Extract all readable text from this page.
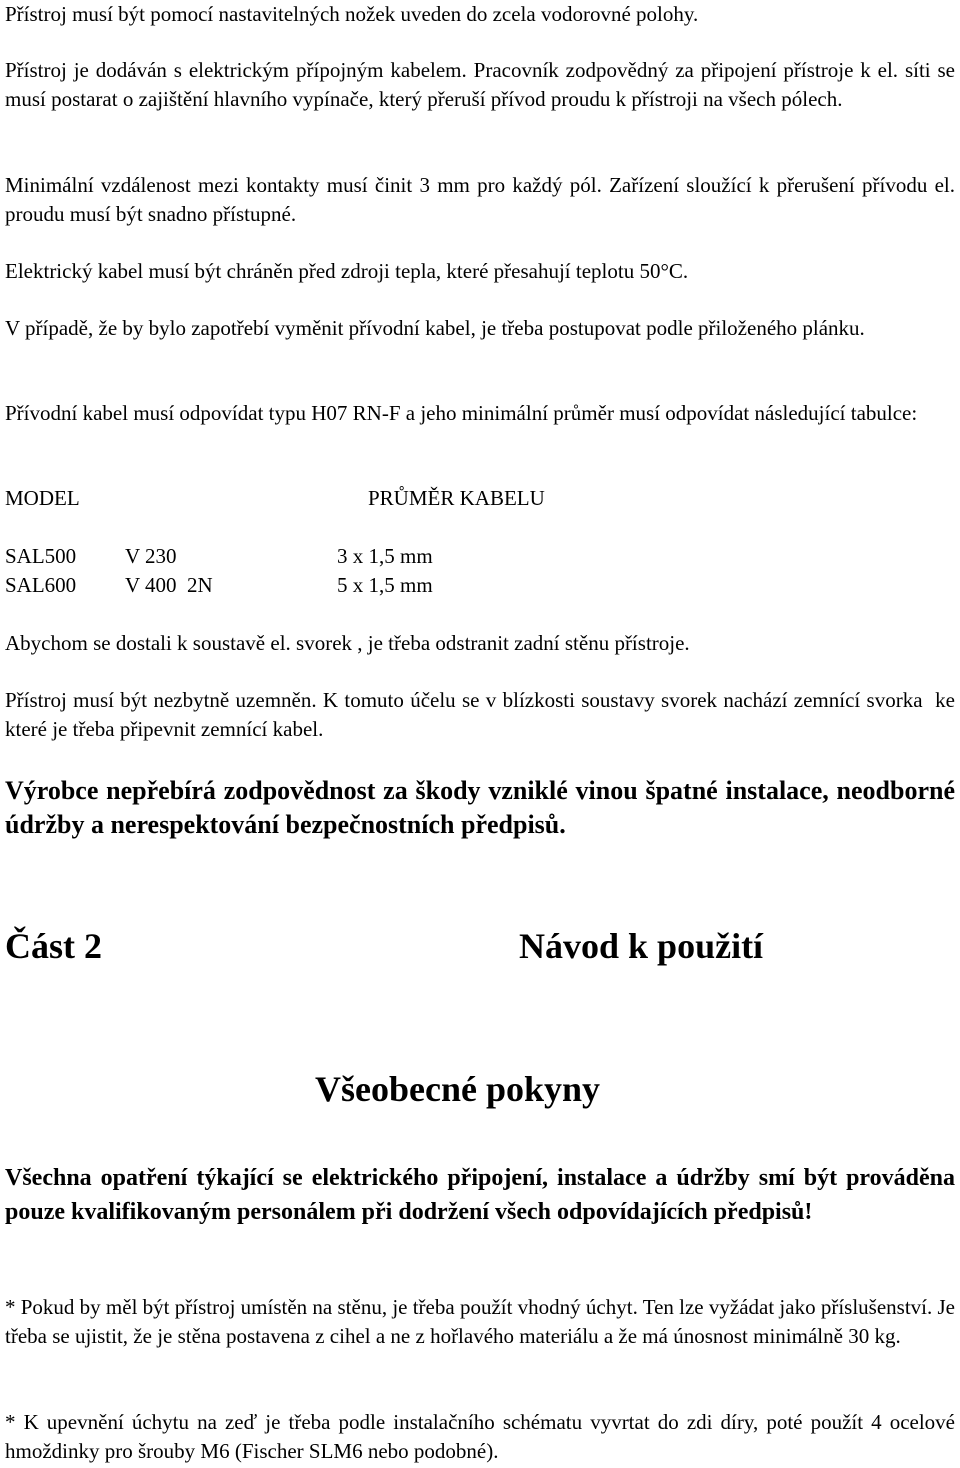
Přístroj musí být pomocí nastavitelných nožek uveden do zcela vodorovné polohy.

Přístroj je dodáván s elektrickým přípojným kabelem. Pracovník zodpovědný za připojení přístroje k el. síti se musí postarat o zajištění hlavního vypínače, který přeruší přívod proudu k přístroji na všech pólech.

Minimální vzdálenost mezi kontakty musí činit 3 mm pro každý pól. Zařízení sloužící k přerušení přívodu el. proudu musí být snadno přístupné.

Elektrický kabel musí být chráněn před zdroji tepla, které přesahují teplotu 50°C.

V případě, že by bylo zapotřebí vyměnit přívodní kabel, je třeba postupovat podle přiloženého plánku.

Přívodní kabel musí odpovídat typu H07 RN-F a jeho minimální průměr musí odpovídat následující tabulce:

MODEL	PRŮMĚR KABELU
SAL500 V 230	3 x 1,5 mm
SAL600 V 400  2N	5 x 1,5 mm

Abychom se dostali k soustavě el. svorek , je třeba odstranit zadní stěnu přístroje.

Přístroj musí být nezbytně uzemněn. K tomuto účelu se v blízkosti soustavy svorek nachází zemnící svorka  ke které je třeba připevnit zemnící kabel.

Výrobce nepřebírá zodpovědnost za škody vzniklé vinou špatné instalace, neodborné údržby a nerespektování bezpečnostních předpisů.

Část 2	Návod k použití
Všeobecné pokyny

Všechna opatření týkající se elektrického připojení, instalace a údržby smí být prováděna pouze kvalifikovaným personálem při dodržení všech odpovídajících předpisů!

* Pokud by měl být přístroj umístěn na stěnu, je třeba použít vhodný úchyt. Ten lze vyžádat jako příslušenství. Je třeba se ujistit, že je stěna postavena z cihel a ne z hořlavého materiálu a že má únosnost minimálně 30 kg.

* K upevnění úchytu na zeď je třeba podle instalačního schématu vyvrtat do zdi díry, poté použít 4 ocelové hmoždinky pro šrouby M6 (Fischer SLM6 nebo podobné).
